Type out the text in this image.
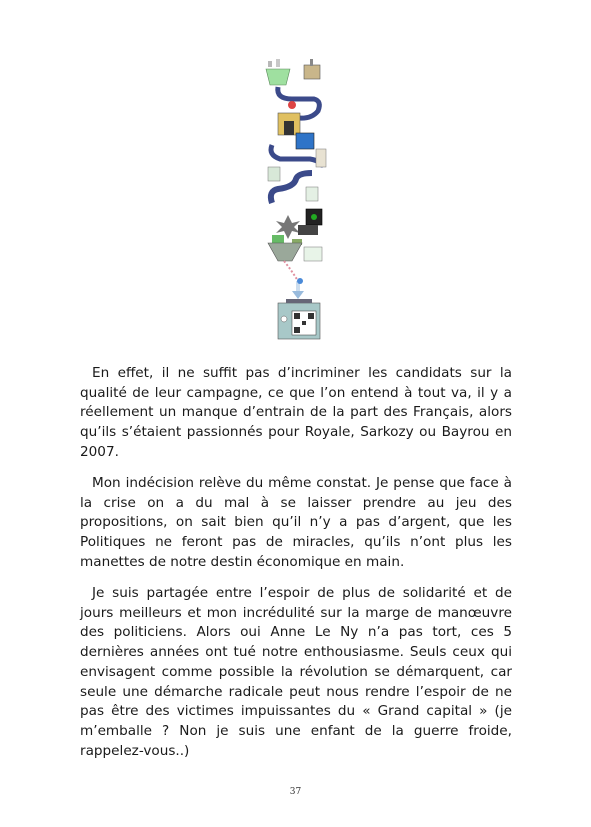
En effet, il ne suffit pas d’incriminer les candidats sur la qualité de leur campagne, ce que l’on entend à tout va, il y a réellement un manque d’entrain de la part des Français, alors qu’ils s’étaient passionnés pour Royale, Sarkozy ou Bayrou en 2007.

Mon indécision relève du même constat. Je pense que face à la crise on a du mal à se laisser prendre au jeu des propositions, on sait bien qu’il n’y a pas d’argent, que les Politiques ne feront pas de miracles, qu’ils n’ont plus les manettes de notre destin économique en main.

Je suis partagée entre l’espoir de plus de solidarité et de jours meilleurs et mon incrédulité sur la marge de manœuvre des politiciens. Alors oui Anne Le Ny n’a pas tort, ces 5 dernières années ont tué notre enthousiasme. Seuls ceux qui envisagent comme possible la révolution se démarquent, car seule une démarche radicale peut nous rendre l’espoir de ne pas être des victimes impuissantes du « Grand capital » (je m’emballe ? Non je suis une enfant de la guerre froide, rappelez-vous..)

37
